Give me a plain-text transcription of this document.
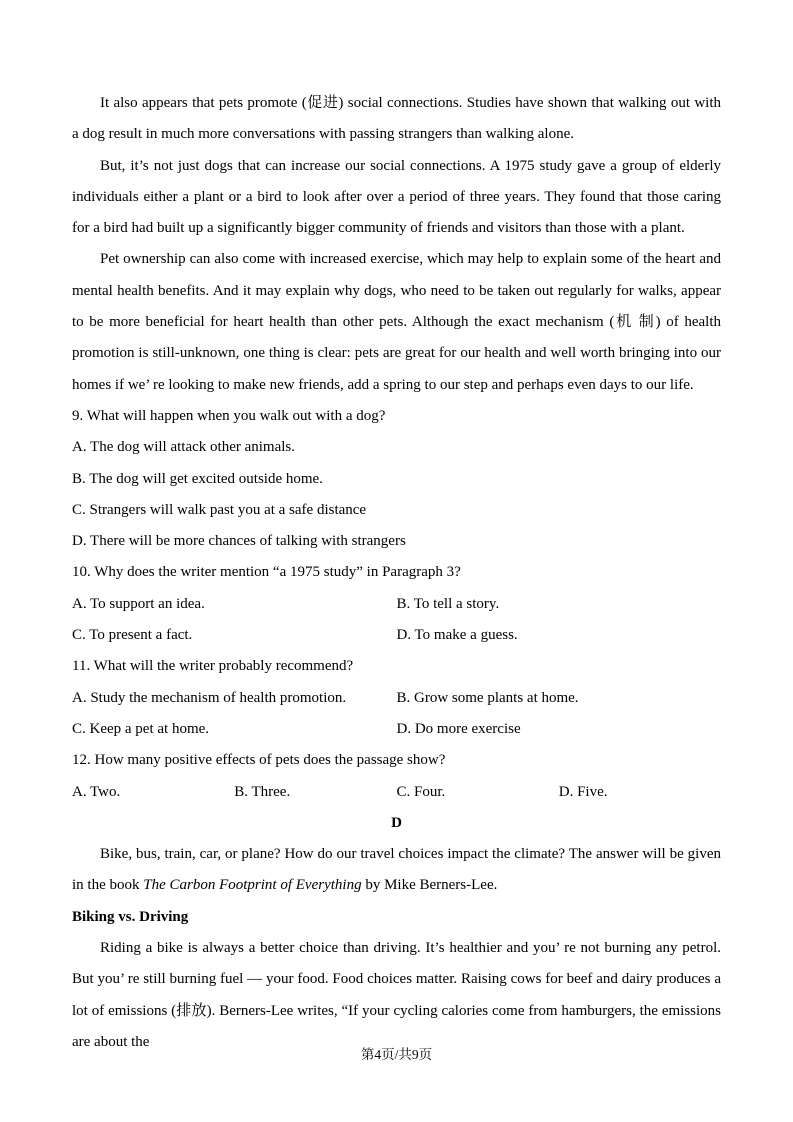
It also appears that pets promote (促进) social connections. Studies have shown that walking out with a dog result in much more conversations with passing strangers than walking alone.

But, it’s not just dogs that can increase our social connections. A 1975 study gave a group of elderly individuals either a plant or a bird to look after over a period of three years. They found that those caring for a bird had built up a significantly bigger community of friends and visitors than those with a plant.

Pet ownership can also come with increased exercise, which may help to explain some of the heart and mental health benefits. And it may explain why dogs, who need to be taken out regularly for walks, appear to be more beneficial for heart health than other pets. Although the exact mechanism (机 制) of health promotion is still-unknown, one thing is clear: pets are great for our health and well worth bringing into our homes if we’ re looking to make new friends, add a spring to our step and perhaps even days to our life.

9. What will happen when you walk out with a dog?

A. The dog will attack other animals.

B. The dog will get excited outside home.

C. Strangers will walk past you at a safe distance

D. There will be more chances of talking with strangers

10. Why does the writer mention “a 1975 study” in Paragraph 3?

A. To support an idea.	B. To tell a story.

C. To present a fact.	D. To make a guess.

11. What will the writer probably recommend?

A. Study the mechanism of health promotion.	B. Grow some plants at home.

C. Keep a pet at home.	D. Do more exercise

12. How many positive effects of pets does the passage show?

A. Two.	B. Three.	C. Four.	D. Five.

D

Bike, bus, train, car, or plane? How do our travel choices impact the climate? The answer will be given in the book The Carbon Footprint of Everything by Mike Berners-Lee.

Biking vs. Driving

Riding a bike is always a better choice than driving. It’s healthier and you’ re not burning any petrol. But you’ re still burning fuel — your food. Food choices matter. Raising cows for beef and dairy produces a lot of emissions (排放). Berners-Lee writes, “If your cycling calories come from hamburgers, the emissions are about the

第4页/共9页
